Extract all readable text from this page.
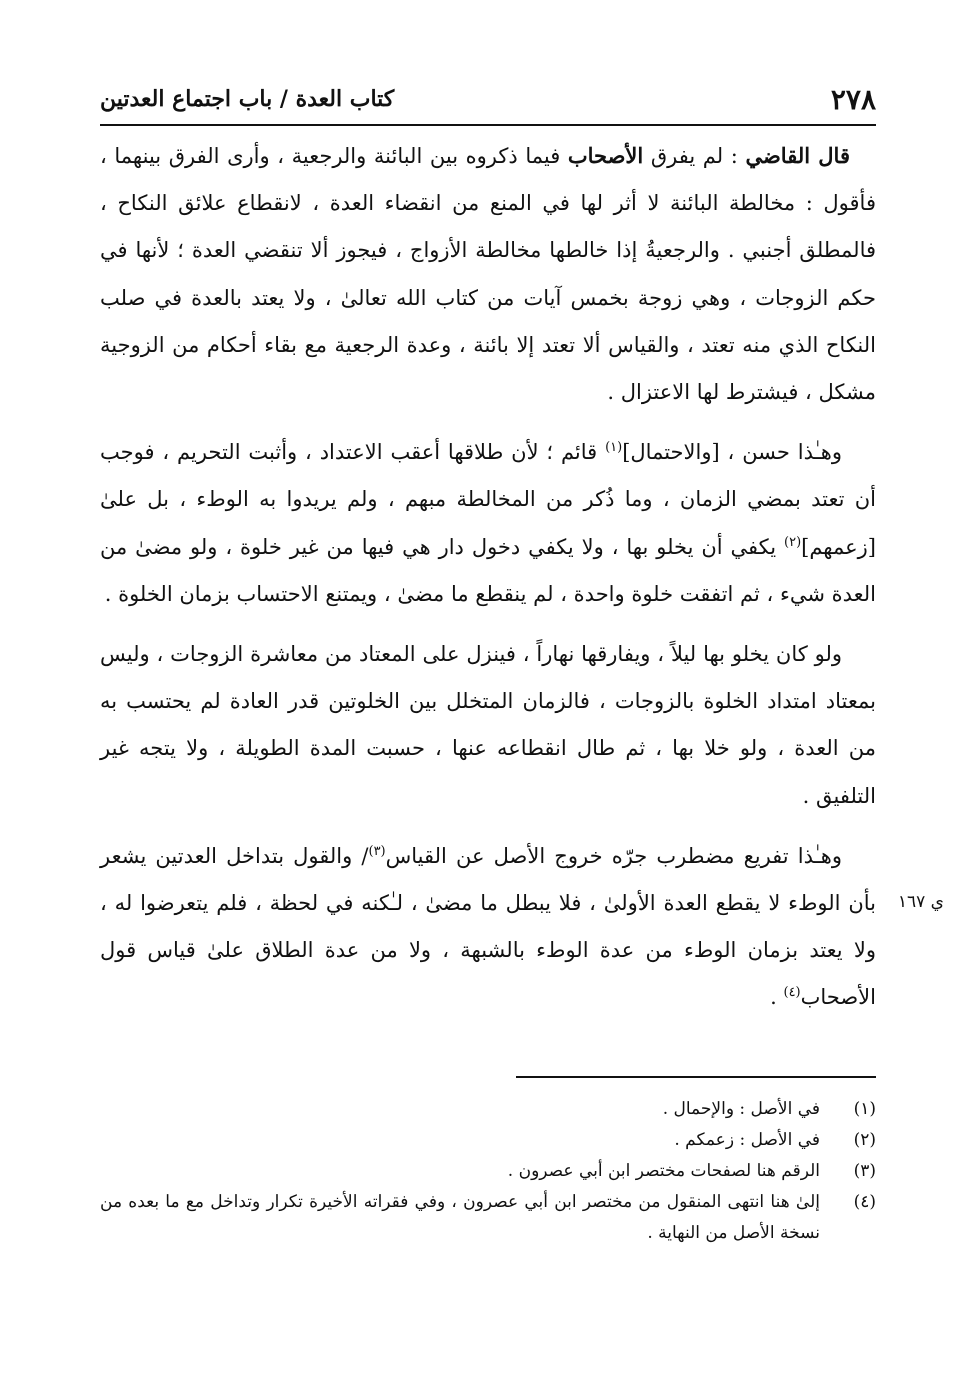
٢٧٨
كتاب العدة / باب اجتماع العدتين

قال القاضي : لم يفرق الأصحاب فيما ذكروه بين البائنة والرجعية ، وأرى الفرق بينهما ، فأقول : مخالطة البائنة لا أثر لها في المنع من انقضاء العدة ، لانقطاع علائق النكاح ، فالمطلق أجنبي . والرجعيةُ إذا خالطها مخالطة الأزواج ، فيجوز ألا تنقضي العدة ؛ لأنها في حكم الزوجات ، وهي زوجة بخمس آيات من كتاب الله تعالىٰ ، ولا يعتد بالعدة في صلب النكاح الذي منه تعتد ، والقياس ألا تعتد إلا بائنة ، وعدة الرجعية مع بقاء أحكام من الزوجية مشكل ، فيشترط لها الاعتزال .

وهـٰذا حسن ، [والاحتمال]$^{(١)}$ قائم ؛ لأن طلاقها أعقب الاعتداد ، وأثبت التحريم ، فوجب أن تعتد بمضي الزمان ، وما ذُكر من المخالطة مبهم ، ولم يريدوا به الوطء ، بل علىٰ [زعمهم]$^{(٢)}$ يكفي أن يخلو بها ، ولا يكفي دخول دار هي فيها من غير خلوة ، ولو مضىٰ من العدة شيء ، ثم اتفقت خلوة واحدة ، لم ينقطع ما مضىٰ ، ويمتنع الاحتساب بزمان الخلوة .

ولو كان يخلو بها ليلاً ، ويفارقها نهاراً ، فينزل على المعتاد من معاشرة الزوجات ، وليس بمعتاد امتداد الخلوة بالزوجات ، فالزمان المتخلل بين الخلوتين قدر العادة لم يحتسب به من العدة ، ولو خلا بها ، ثم طال انقطاعه عنها ، حسبت المدة الطويلة ، ولا يتجه غير التلفيق .

وهـٰذا تفريع مضطرب جرّه خروج الأصل عن القياس$^{(٣)}$/ والقول بتداخل العدتين يشعر بأن الوطء لا يقطع العدة الأولىٰ ، فلا يبطل ما مضىٰ ، لـٰكنه في لحظة ، فلم يتعرضوا له ، ولا يعتد بزمان الوطء من عدة الوطء بالشبهة ، ولا من عدة الطلاق علىٰ قياس قول الأصحاب$^{(٤)}$ .

ي ١٦٧
(١)
في الأصل : والإحمال .
(٢)
في الأصل : زعمكم .
(٣)
الرقم هنا لصفحات مختصر ابن أبي عصرون .
(٤)
إلىٰ هنا انتهى المنقول من مختصر ابن أبي عصرون ، وفي فقراته الأخيرة تكرار وتداخل مع ما بعده من نسخة الأصل من النهاية .
